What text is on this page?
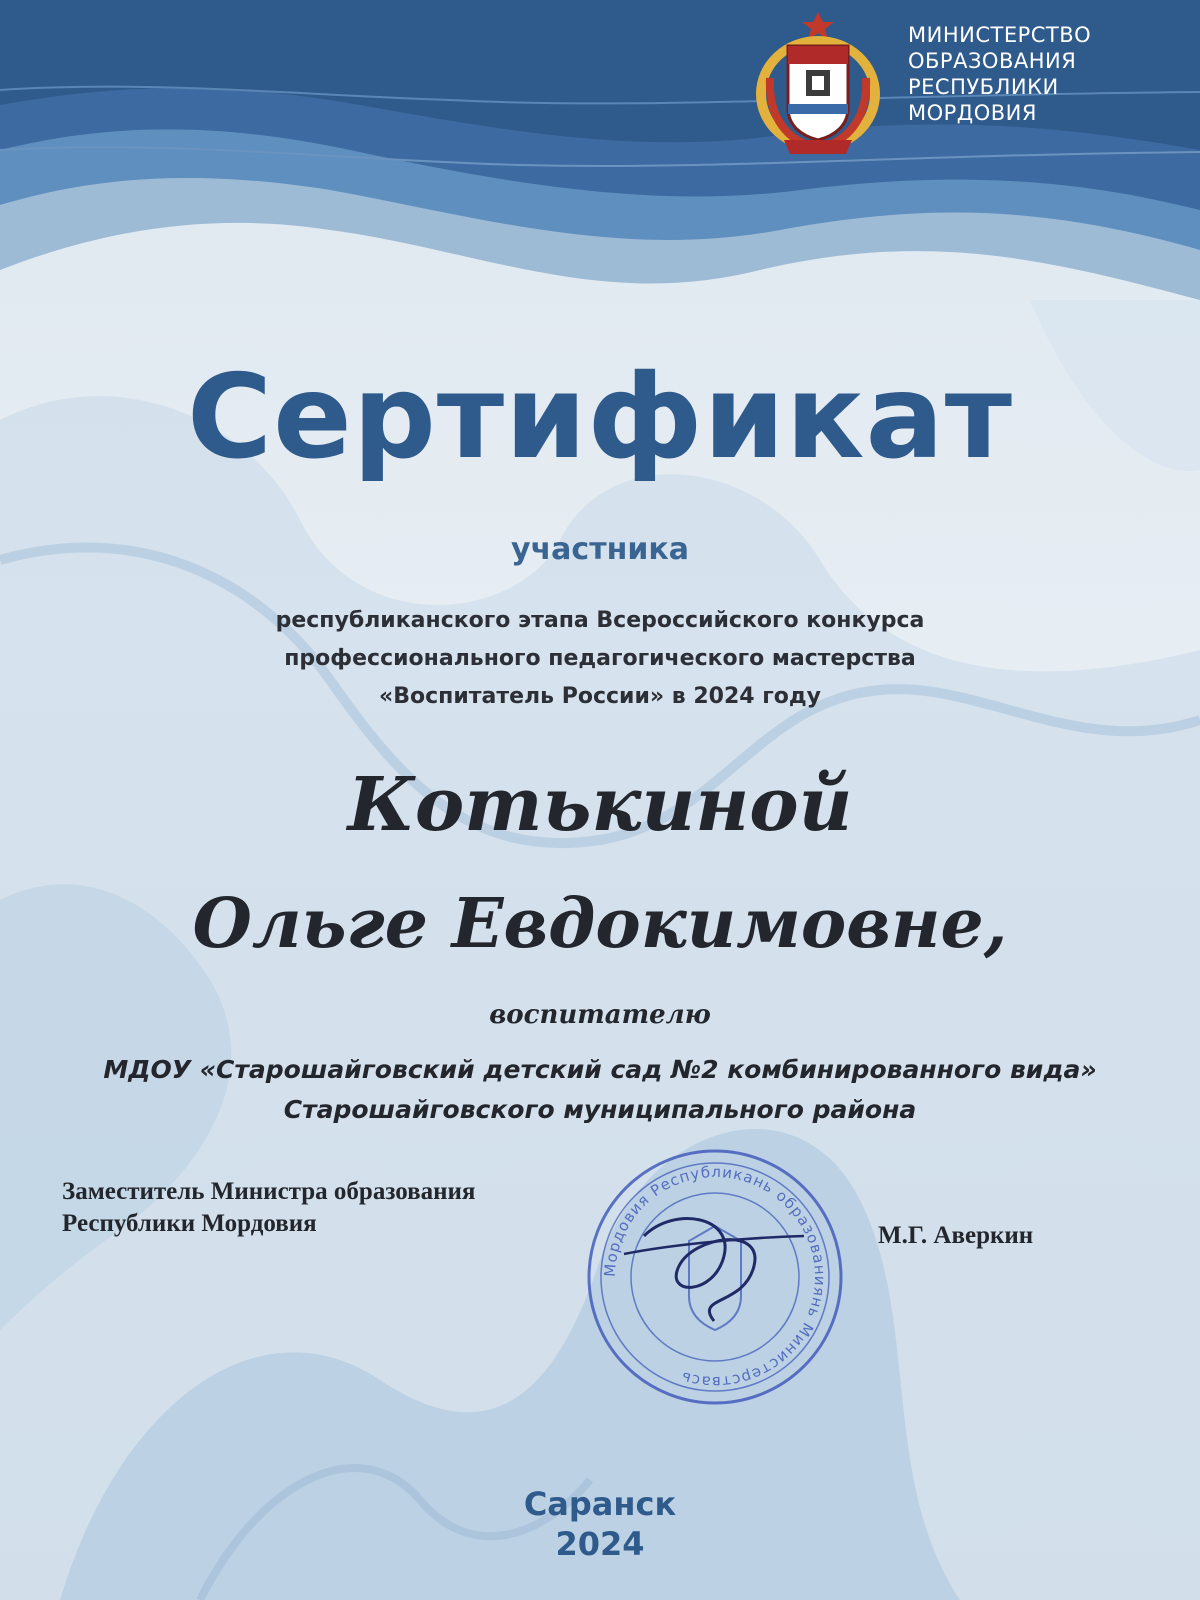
МИНИСТЕРСТВО
ОБРАЗОВАНИЯ
РЕСПУБЛИКИ
МОРДОВИЯ
Сертификат
участника
республиканского этапа Всероссийского конкурса
профессионального педагогического мастерства
«Воспитатель России» в 2024 году
Котькиной
Ольге Евдокимовне,
воспитателю
МДОУ «Старошайговский детский сад №2 комбинированного вида»
Старошайговского муниципального района
Заместитель Министра образования
Республики Мордовия
Мордовия Республикань образованиянь Министерствась
М.Г. Аверкин
Саранск
2024
